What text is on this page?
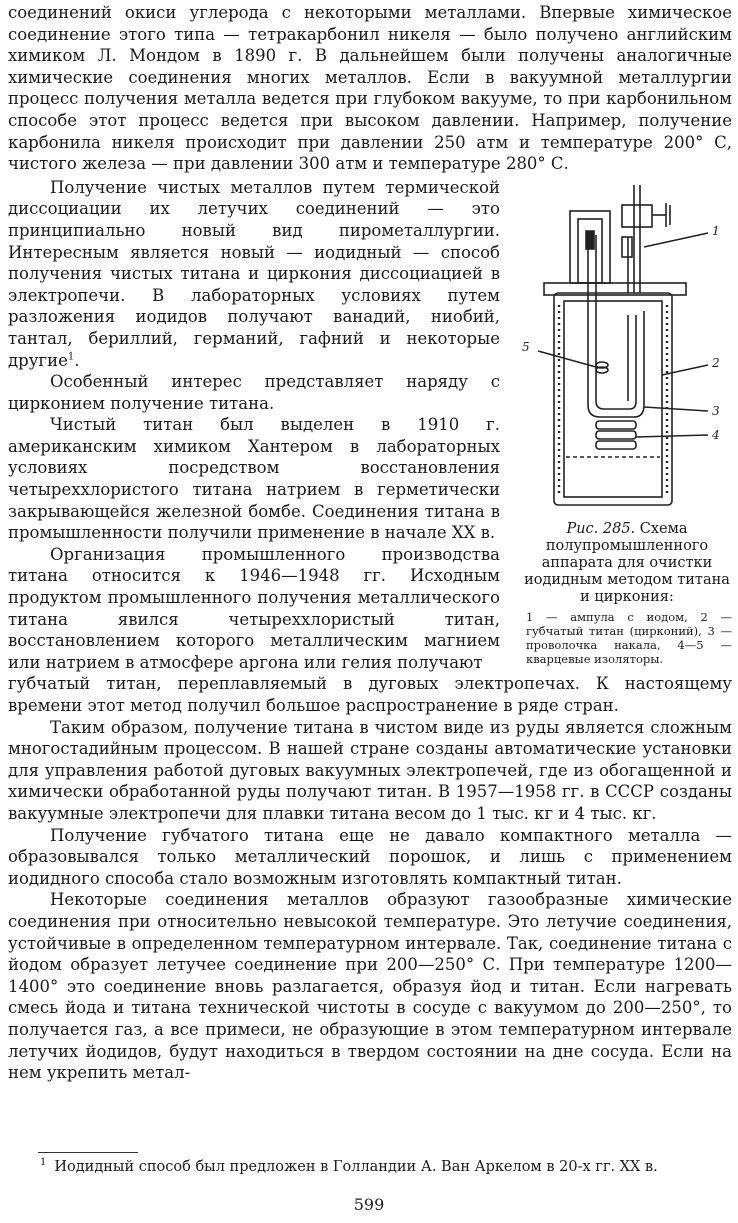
соединений окиси углерода с некоторыми металлами. Впервые химическое соединение этого типа — тетракарбонил никеля — было получено английским химиком Л. Мондом в 1890 г. В дальнейшем были получены аналогичные химические соединения многих металлов. Если в вакуумной металлургии процесс получения металла ведется при глубоком вакууме, то при карбонильном способе этот процесс ведется при высоком давлении. Например, получение карбонила никеля происходит при давлении 250 атм и температуре 200° С, чистого железа — при давлении 300 атм и температуре 280° С.

Получение чистых металлов путем термической диссоциации их летучих соединений — это принципиально новый вид пирометаллургии. Интересным является новый — иодидный — способ получения чистых титана и циркония диссоциацией в электропечи. В лабораторных условиях путем разложения иодидов получают ванадий, ниобий, тантал, бериллий, германий, гафний и некоторые другие$^1$.

Особенный интерес представляет наряду с цирконием получение титана.

Чистый титан был выделен в 1910 г. американским химиком Хантером в лабораторных условиях посредством восстановления четыреххлористого титана натрием в герметически закрывающейся железной бомбе. Соединения титана в промышленности получили применение в начале XX в.

Организация промышленного производства титана относится к 1946—1948 гг. Исходным продуктом промышленного получения металлического титана явился четыреххлористый титан, восстановлением которого металлическим магнием или натрием в атмосфере аргона или гелия получают

губчатый титан, переплавляемый в дуговых электропечах. К настоящему времени этот метод получил большое распространение в ряде стран.

Таким образом, получение титана в чистом виде из руды является сложным многостадийным процессом. В нашей стране созданы автоматические установки для управления работой дуговых вакуумных электропечей, где из обогащенной и химически обработанной руды получают титан. В 1957—1958 гг. в СССР созданы вакуумные электропечи для плавки титана весом до 1 тыс. кг и 4 тыс. кг.

Получение губчатого титана еще не давало компактного металла — образовывался только металлический порошок, и лишь с применением иодидного способа стало возможным изготовлять компактный титан.

Некоторые соединения металлов образуют газообразные химические соединения при относительно невысокой температуре. Это летучие соединения, устойчивые в определенном температурном интервале. Так, соединение титана с йодом образует летучее соединение при 200—250° С. При температуре 1200—1400° это соединение вновь разлагается, образуя йод и титан. Если нагревать смесь йода и титана технической чистоты в сосуде с вакуумом до 200—250°, то получается газ, а все примеси, не образующие в этом температурном интервале летучих йодидов, будут находиться в твердом состоянии на дне сосуда. Если на нем укрепить метал-

1
2
3
4
5
Рис. 285. Схема полупромышленного аппарата для очистки иодидным методом титана и циркония:
1 — ампула с иодом, 2 — губчатый титан (цирконий), 3 — проволочка накала, 4—5 — кварцевые изоляторы.
$^1$ Иодидный способ был предложен в Голландии А. Ван Аркелом в 20-х гг. XX в.
599
